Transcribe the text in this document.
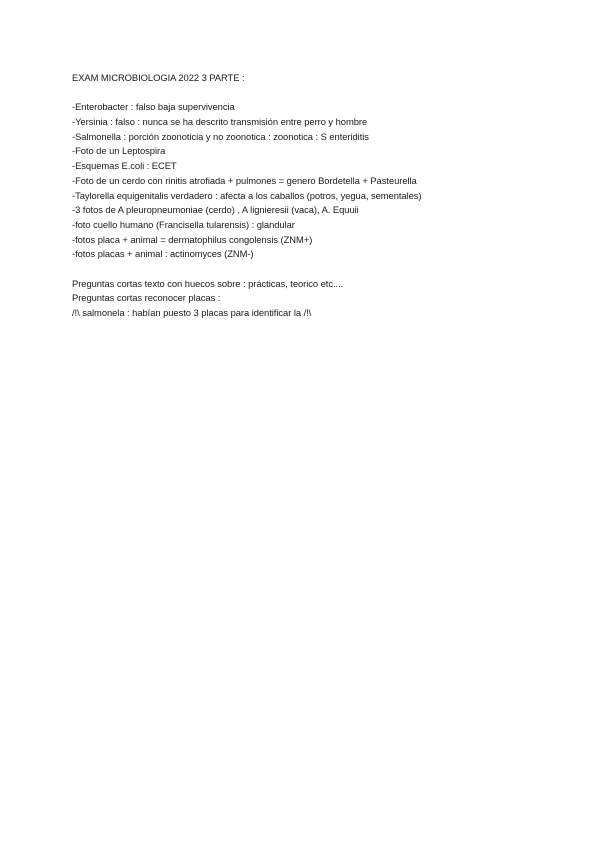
EXAM MICROBIOLOGIA 2022 3 PARTE :
-Enterobacter : falso baja supervivencia
-Yersinia : falso : nunca se ha descrito transmisión entre perro y hombre
-Salmonella : porción zoonoticia y no zoonotica : zoonotica : S enteriditis
-Foto de un Leptospira
-Esquemas E.coli : ECET
-Foto de un cerdo con rinitis atrofiada + pulmones = genero Bordetella + Pasteurella
-Taylorella equigenitalis verdadero : afecta a los caballos (potros, yegua, sementales)
-3 fotos de A pleuropneumoniae (cerdo) , A lignieresii (vaca), A. Equuii
-foto cuello humano (Francisella tularensis) : glandular
-fotos placa + animal = dermatophilus congolensis (ZNM+)
-fotos placas + animal : actinomyces (ZNM-)
Preguntas cortas texto con huecos sobre : prácticas, teorico etc....
Preguntas cortas reconocer placas :
/!\ salmonela : habían puesto 3 placas para identificar la /!\
